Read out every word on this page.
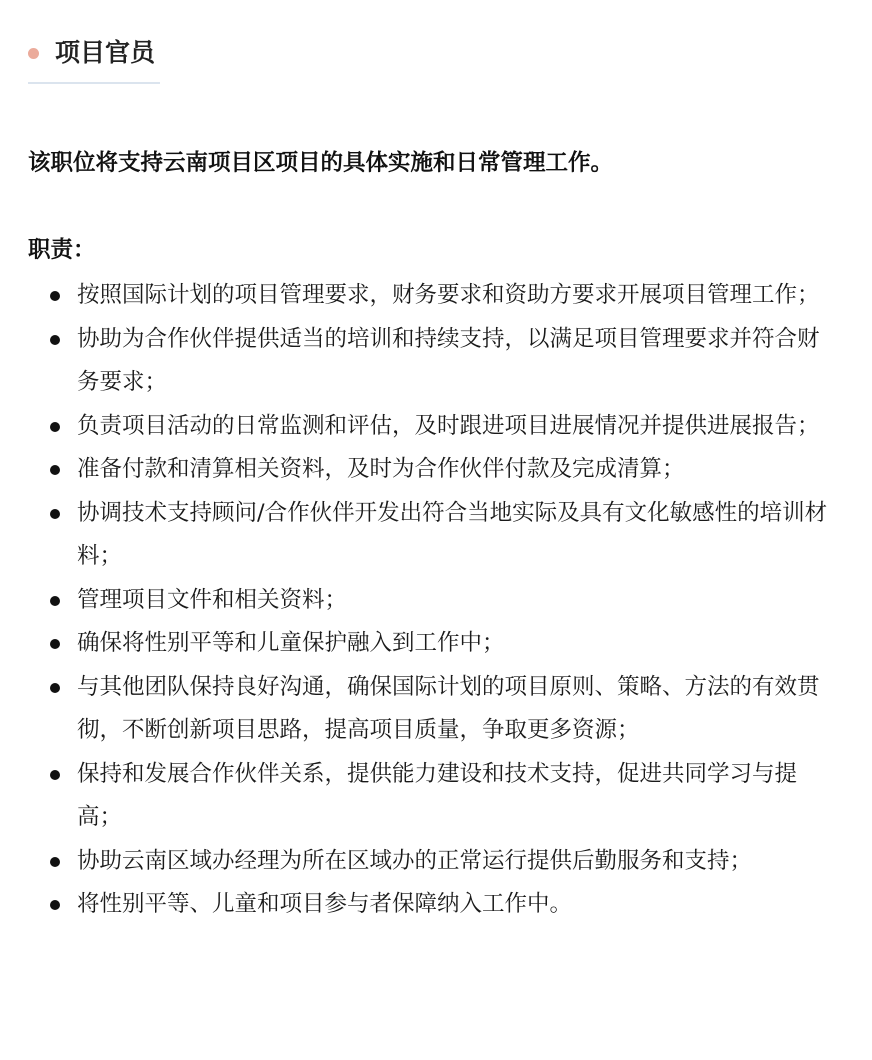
项目官员
该职位将支持云南项目区项目的具体实施和日常管理工作。
职责：
按照国际计划的项目管理要求，财务要求和资助方要求开展项目管理工作；
协助为合作伙伴提供适当的培训和持续支持，以满足项目管理要求并符合财务要求；
负责项目活动的日常监测和评估，及时跟进项目进展情况并提供进展报告；
准备付款和清算相关资料，及时为合作伙伴付款及完成清算；
协调技术支持顾问/合作伙伴开发出符合当地实际及具有文化敏感性的培训材料；
管理项目文件和相关资料；
确保将性别平等和儿童保护融入到工作中；
与其他团队保持良好沟通，确保国际计划的项目原则、策略、方法的有效贯彻，不断创新项目思路，提高项目质量，争取更多资源；
保持和发展合作伙伴关系，提供能力建设和技术支持，促进共同学习与提高；
协助云南区域办经理为所在区域办的正常运行提供后勤服务和支持；
将性别平等、儿童和项目参与者保障纳入工作中。
